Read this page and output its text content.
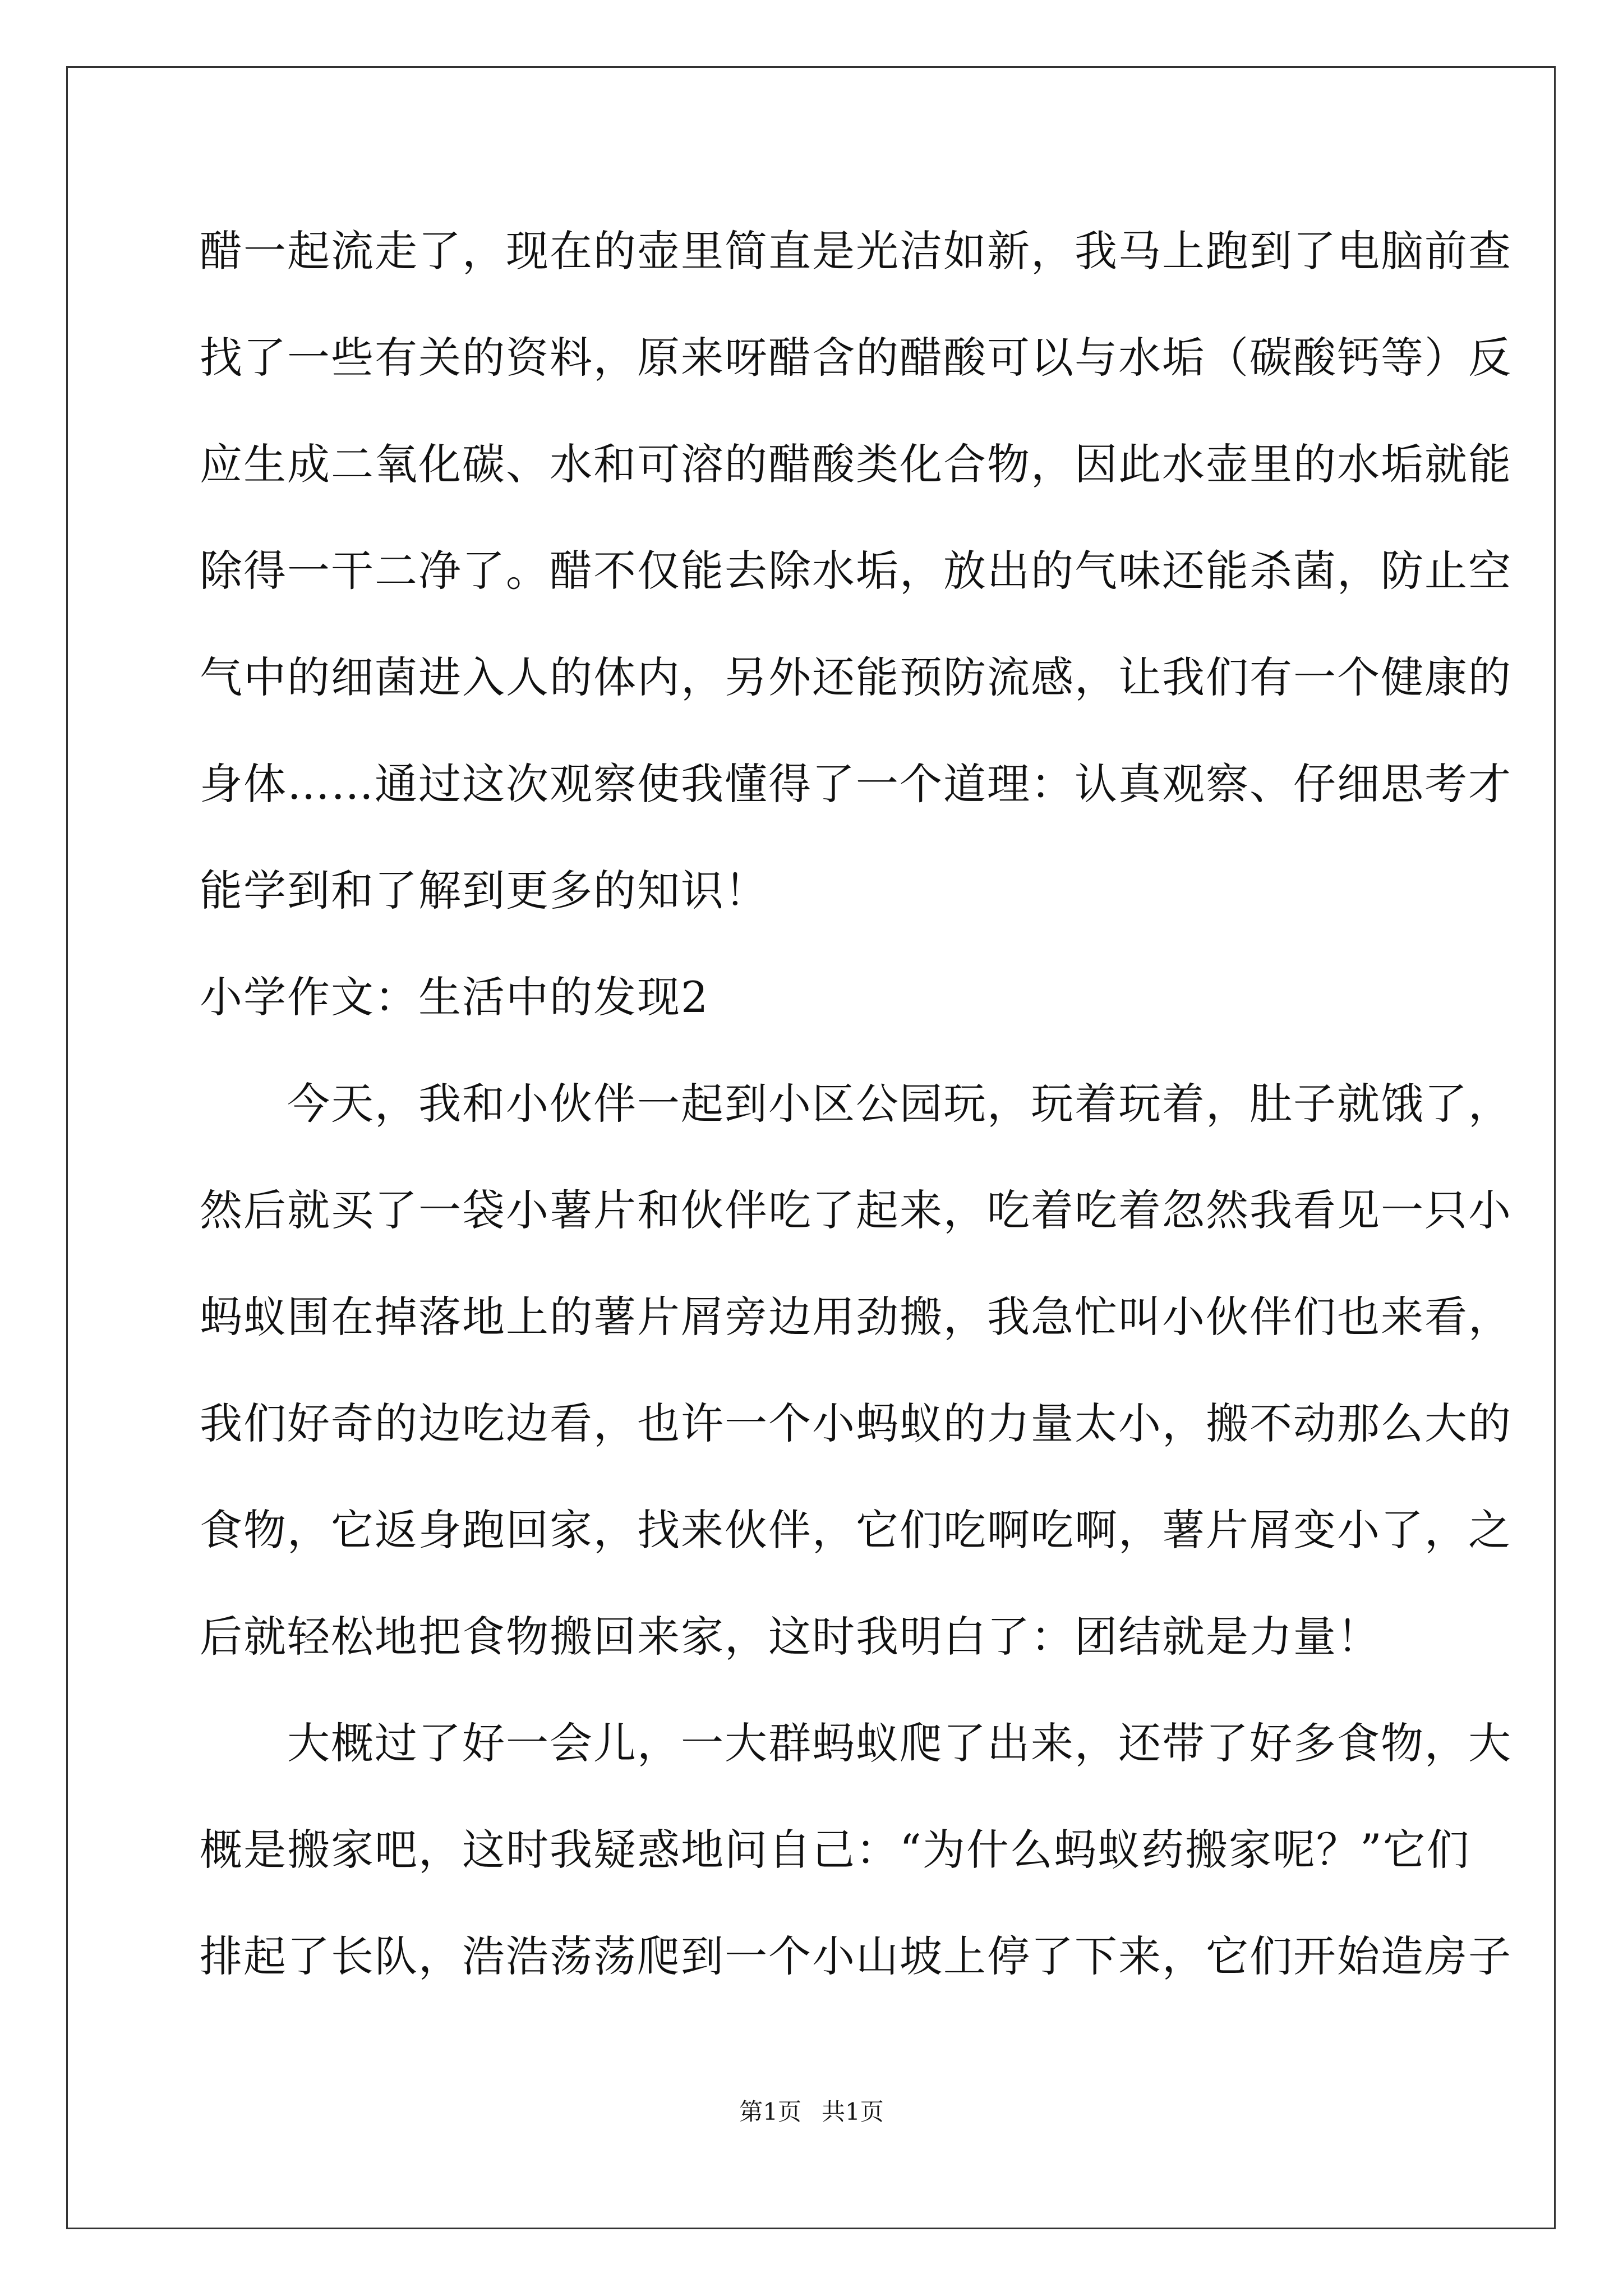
醋一起流走了，现在的壶里简直是光洁如新，我马上跑到了电脑前查
找了一些有关的资料，原来呀醋含的醋酸可以与水垢（碳酸钙等）反
应生成二氧化碳、水和可溶的醋酸类化合物，因此水壶里的水垢就能
除得一干二净了。醋不仅能去除水垢，放出的气味还能杀菌，防止空
气中的细菌进入人的体内，另外还能预防流感，让我们有一个健康的
身体……通过这次观察使我懂得了一个道理：认真观察、仔细思考才
能学到和了解到更多的知识！
小学作文：生活中的发现2
　　今天，我和小伙伴一起到小区公园玩，玩着玩着，肚子就饿了，
然后就买了一袋小薯片和伙伴吃了起来，吃着吃着忽然我看见一只小
蚂蚁围在掉落地上的薯片屑旁边用劲搬，我急忙叫小伙伴们也来看，
我们好奇的边吃边看，也许一个小蚂蚁的力量太小，搬不动那么大的
食物，它返身跑回家，找来伙伴，它们吃啊吃啊，薯片屑变小了，之
后就轻松地把食物搬回来家，这时我明白了：团结就是力量！
　　大概过了好一会儿，一大群蚂蚁爬了出来，还带了好多食物，大
概是搬家吧，这时我疑惑地问自己：“为什么蚂蚁药搬家呢？”它们
排起了长队，浩浩荡荡爬到一个小山坡上停了下来，它们开始造房子
第1页 共1页
